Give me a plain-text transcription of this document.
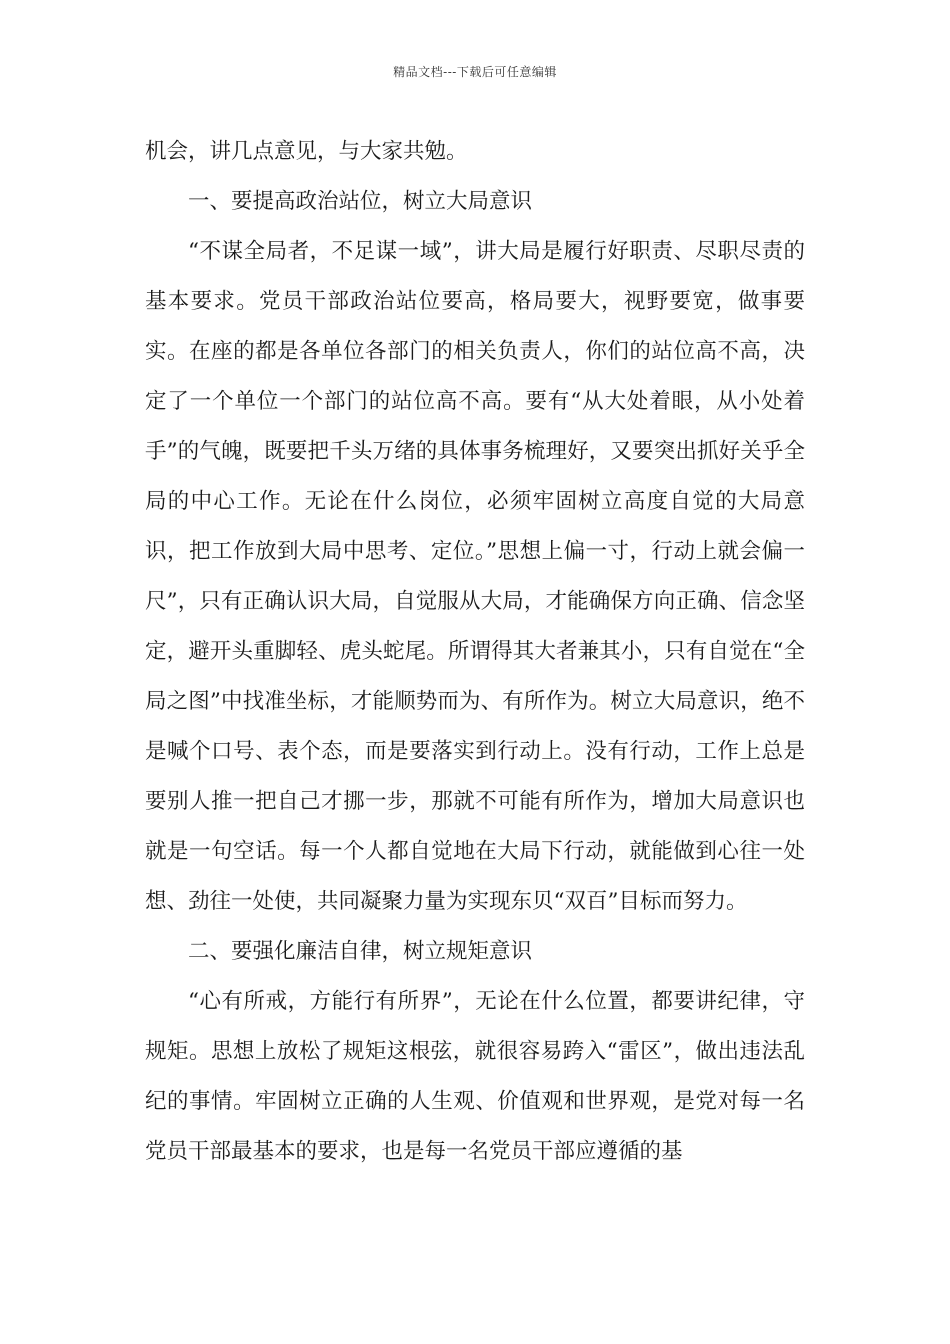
精品文档---下载后可任意编辑

机会，讲几点意见，与大家共勉。

一、要提高政治站位，树立大局意识

“不谋全局者，不足谋一域”，讲大局是履行好职责、尽职尽责的基本要求。党员干部政治站位要高，格局要大，视野要宽，做事要实。在座的都是各单位各部门的相关负责人，你们的站位高不高，决定了一个单位一个部门的站位高不高。要有“从大处着眼，从小处着手”的气魄，既要把千头万绪的具体事务梳理好，又要突出抓好关乎全局的中心工作。无论在什么岗位，必须牢固树立高度自觉的大局意识，把工作放到大局中思考、定位。”思想上偏一寸，行动上就会偏一尺”，只有正确认识大局，自觉服从大局，才能确保方向正确、信念坚定，避开头重脚轻、虎头蛇尾。所谓得其大者兼其小，只有自觉在“全局之图”中找准坐标，才能顺势而为、有所作为。树立大局意识，绝不是喊个口号、表个态，而是要落实到行动上。没有行动，工作上总是要别人推一把自己才挪一步，那就不可能有所作为，增加大局意识也就是一句空话。每一个人都自觉地在大局下行动，就能做到心往一处想、劲往一处使，共同凝聚力量为实现东贝“双百”目标而努力。

二、要强化廉洁自律，树立规矩意识

“心有所戒，方能行有所界”，无论在什么位置，都要讲纪律，守规矩。思想上放松了规矩这根弦，就很容易跨入“雷区”，做出违法乱纪的事情。牢固树立正确的人生观、价值观和世界观，是党对每一名党员干部最基本的要求，也是每一名党员干部应遵循的基
